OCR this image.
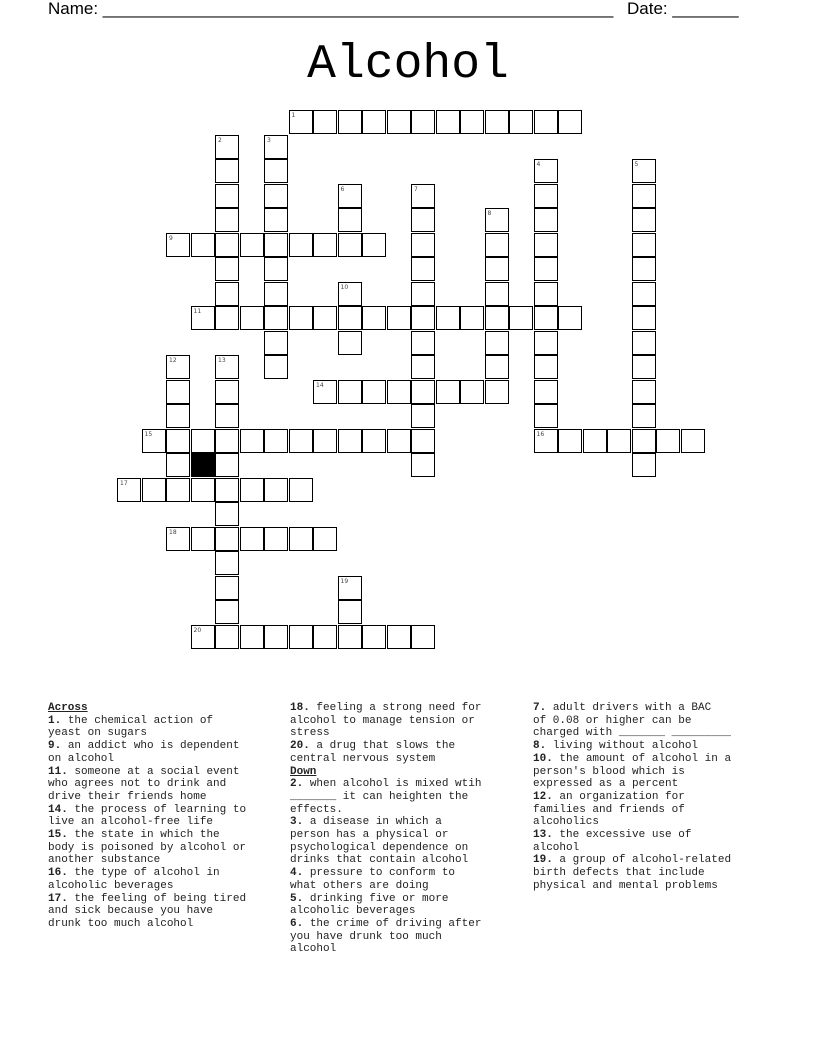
Name: ______________________________________________________ Date: _______
Alcohol
1
9
11
14
15	16
17
18
20
2	3
4	5
6	7
8
10
12	13
19
Across

1. the chemical action of
yeast on sugars

9. an addict who is dependent
on alcohol

11. someone at a social event
who agrees not to drink and
drive their friends home

14. the process of learning to
live an alcohol-free life

15. the state in which the
body is poisoned by alcohol or
another substance

16. the type of alcohol in
alcoholic beverages

17. the feeling of being tired
and sick because you have
drunk too much alcohol

18. feeling a strong need for
alcohol to manage tension or
stress

20. a drug that slows the
central nervous system

Down

2. when alcohol is mixed wtih
_______ it can heighten the
effects.

3. a disease in which a
person has a physical or
psychological dependence on
drinks that contain alcohol

4. pressure to conform to
what others are doing

5. drinking five or more
alcoholic beverages

6. the crime of driving after
you have drunk too much
alcohol

7. adult drivers with a BAC
of 0.08 or higher can be
charged with _______ _________

8. living without alcohol

10. the amount of alcohol in a
person's blood which is
expressed as a percent

12. an organization for
families and friends of
alcoholics

13. the excessive use of
alcohol

19. a group of alcohol-related
birth defects that include
physical and mental problems
